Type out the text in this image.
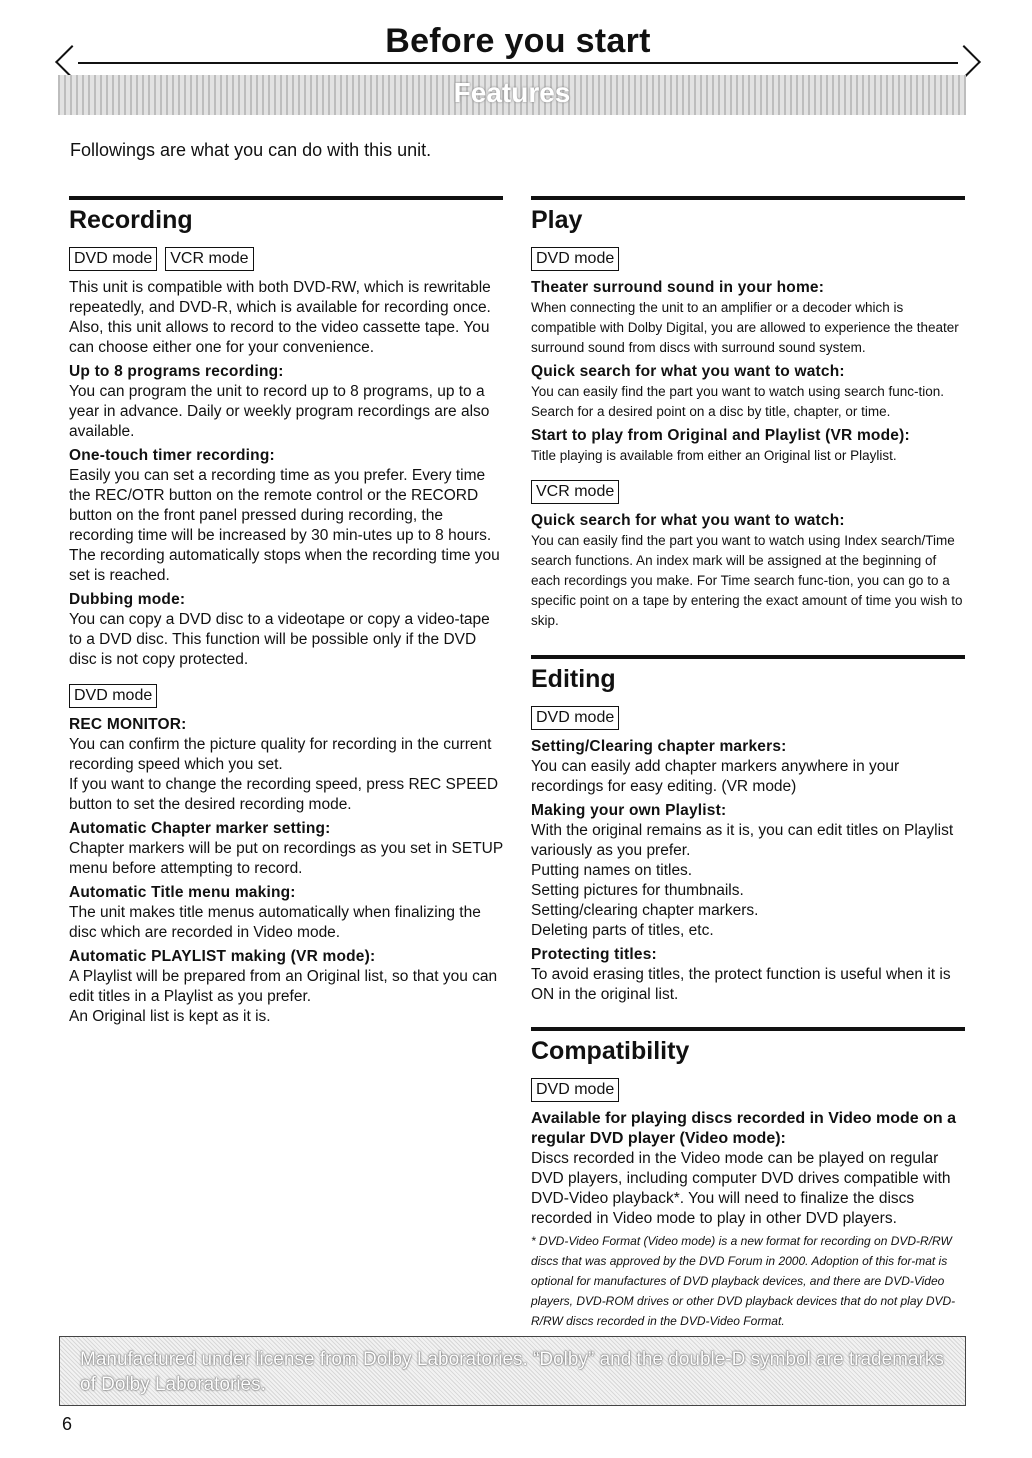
Before you start
Features
Followings are what you can do with this unit.
Recording
DVD mode	VCR mode
This unit is compatible with both DVD-RW, which is rewritable repeatedly, and DVD-R, which is available for recording once. Also, this unit allows to record to the video cassette tape. You can choose either one for your convenience.
Up to 8 programs recording:
You can program the unit to record up to 8 programs, up to a year in advance. Daily or weekly program recordings are also available.
One-touch timer recording:
Easily you can set a recording time as you prefer. Every time the REC/OTR button on the remote control or the RECORD button on the front panel pressed during recording, the recording time will be increased by 30 min-utes up to 8 hours. The recording automatically stops when the recording time you set is reached.
Dubbing mode:
You can copy a DVD disc to a videotape or copy a video-tape to a DVD disc. This function will be possible only if the DVD disc is not copy protected.
DVD mode
REC MONITOR:
You can confirm the picture quality for recording in the current recording speed which you set.
If you want to change the recording speed, press REC SPEED button to set the desired recording mode.
Automatic Chapter marker setting:
Chapter markers will be put on recordings as you set in SETUP menu before attempting to record.
Automatic Title menu making:
The unit makes title menus automatically when finalizing the disc which are recorded in Video mode.
Automatic PLAYLIST making (VR mode):
A Playlist will be prepared from an Original list, so that you can edit titles in a Playlist as you prefer.
An Original list is kept as it is.
Play
DVD mode
Theater surround sound in your home:
When connecting the unit to an amplifier or a decoder which is compatible with Dolby Digital, you are allowed to experience the theater surround sound from discs with surround sound system.
Quick search for what you want to watch:
You can easily find the part you want to watch using search func-tion. Search for a desired point on a disc by title, chapter, or time.
Start to play from Original and Playlist (VR mode):
Title playing is available from either an Original list or Playlist.
VCR mode
Quick search for what you want to watch:
You can easily find the part you want to watch using Index search/Time search functions. An index mark will be assigned at the beginning of each recordings you make. For Time search func-tion, you can go to a specific point on a tape by entering the exact amount of time you wish to skip.
Editing
DVD mode
Setting/Clearing chapter markers:
You can easily add chapter markers anywhere in your recordings for easy editing. (VR mode)
Making your own Playlist:
With the original remains as it is, you can edit titles on Playlist variously as you prefer.
Putting names on titles.
Setting pictures for thumbnails.
Setting/clearing chapter markers.
Deleting parts of titles, etc.
Protecting titles:
To avoid erasing titles, the protect function is useful when it is ON in the original list.
Compatibility
DVD mode
Available for playing discs recorded in Video mode on a regular DVD player (Video mode):
Discs recorded in the Video mode can be played on regular DVD players, including computer DVD drives compatible with DVD-Video playback*. You will need to finalize the discs recorded in Video mode to play in other DVD players.
* DVD-Video Format (Video mode) is a new format for recording on DVD-R/RW discs that was approved by the DVD Forum in 2000. Adoption of this for-mat is optional for manufactures of DVD playback devices, and there are DVD-Video players, DVD-ROM drives or other DVD playback devices that do not play DVD-R/RW discs recorded in the DVD-Video Format.
Manufactured under license from Dolby Laboratories. “Dolby” and the double-D symbol are trademarks of Dolby Laboratories.
6
